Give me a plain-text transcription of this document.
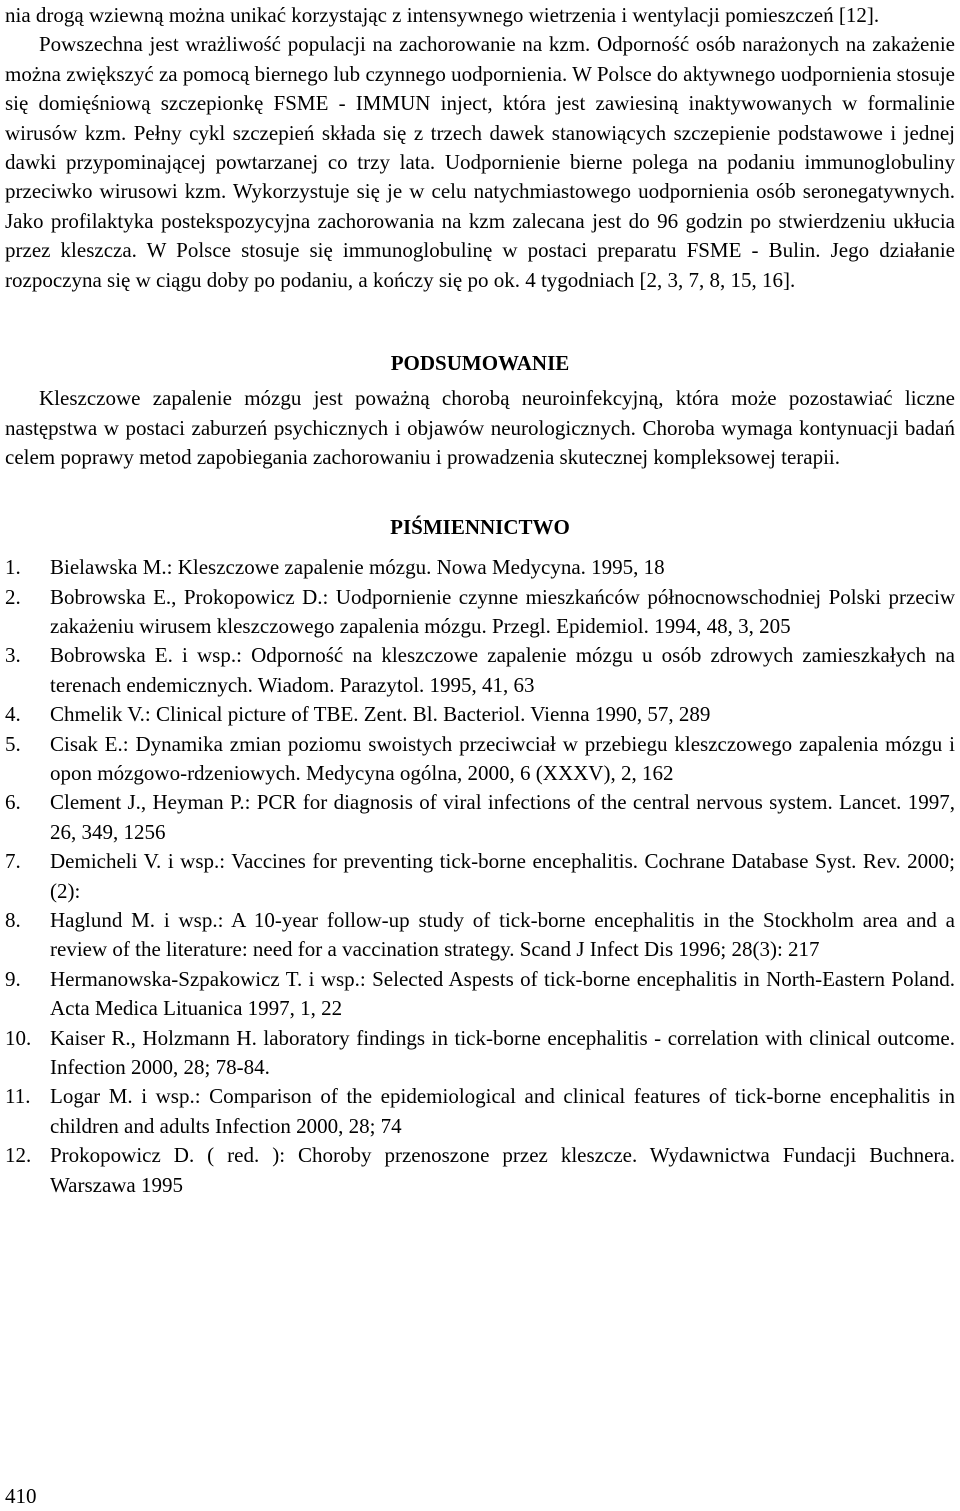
nia drogą wziewną można unikać korzystając z intensywnego wietrzenia i wentylacji pomieszczeń [12].

Powszechna jest wrażliwość populacji na zachorowanie na kzm. Odporność osób narażonych na zakażenie można zwiększyć za pomocą biernego lub czynnego uodpornienia. W Polsce do aktywnego uodpornienia stosuje się domięśniową szczepionkę FSME - IMMUN inject, która jest zawiesiną inaktywowanych w formalinie wirusów kzm. Pełny cykl szczepień składa się z trzech dawek stanowiących szczepienie podstawowe i jednej dawki przypominającej powtarzanej co trzy lata. Uodpornienie bierne polega na podaniu immunoglobuliny przeciwko wirusowi kzm. Wykorzystuje się je w celu natychmiastowego uodpornienia osób seronegatywnych. Jako profilaktyka postekspozycyjna zachorowania na kzm zalecana jest do 96 godzin po stwierdzeniu ukłucia przez kleszcza. W Polsce stosuje się immunoglobulinę w postaci preparatu FSME - Bulin. Jego działanie rozpoczyna się w ciągu doby po podaniu, a kończy się po ok. 4 tygodniach [2, 3, 7, 8, 15, 16].

PODSUMOWANIE

Kleszczowe zapalenie mózgu jest poważną chorobą neuroinfekcyjną, która może pozostawiać liczne następstwa w postaci zaburzeń psychicznych i objawów neurologicznych. Choroba wymaga kontynuacji badań celem poprawy metod zapobiegania zachorowaniu i prowadzenia skutecznej kompleksowej terapii.

PIŚMIENNICTWO
1. Bielawska M.: Kleszczowe zapalenie mózgu. Nowa Medycyna. 1995, 18
2. Bobrowska E., Prokopowicz D.: Uodpornienie czynne mieszkańców północnowschodniej Polski przeciw zakażeniu wirusem kleszczowego zapalenia mózgu. Przegl. Epidemiol. 1994, 48, 3, 205
3. Bobrowska E. i wsp.: Odporność na kleszczowe zapalenie mózgu u osób zdrowych zamieszkałych na terenach endemicznych. Wiadom. Parazytol. 1995, 41, 63
4. Chmelik V.: Clinical picture of TBE. Zent. Bl. Bacteriol. Vienna 1990, 57, 289
5. Cisak E.: Dynamika zmian poziomu swoistych przeciwciał w przebiegu kleszczowego zapalenia mózgu i opon mózgowo-rdzeniowych. Medycyna ogólna, 2000, 6 (XXXV), 2, 162
6. Clement J., Heyman P.: PCR for diagnosis of viral infections of the central nervous system. Lancet. 1997, 26, 349, 1256
7. Demicheli V. i wsp.: Vaccines for preventing tick-borne encephalitis. Cochrane Database Syst. Rev. 2000; (2):
8. Haglund M. i wsp.: A 10-year follow-up study of tick-borne encephalitis in the Stockholm area and a review of the literature: need for a vaccination strategy. Scand J Infect Dis 1996; 28(3): 217
9. Hermanowska-Szpakowicz T. i wsp.: Selected Aspests of tick-borne encephalitis in North-Eastern Poland. Acta Medica Lituanica 1997, 1, 22
10. Kaiser R., Holzmann H. laboratory findings in tick-borne encephalitis - correlation with clinical outcome. Infection 2000, 28; 78-84.
11. Logar M. i wsp.: Comparison of the epidemiological and clinical features of tick-borne encephalitis in children and adults Infection 2000, 28; 74
12. Prokopowicz D. ( red. ): Choroby przenoszone przez kleszcze. Wydawnictwa Fundacji Buchnera. Warszawa 1995
410
